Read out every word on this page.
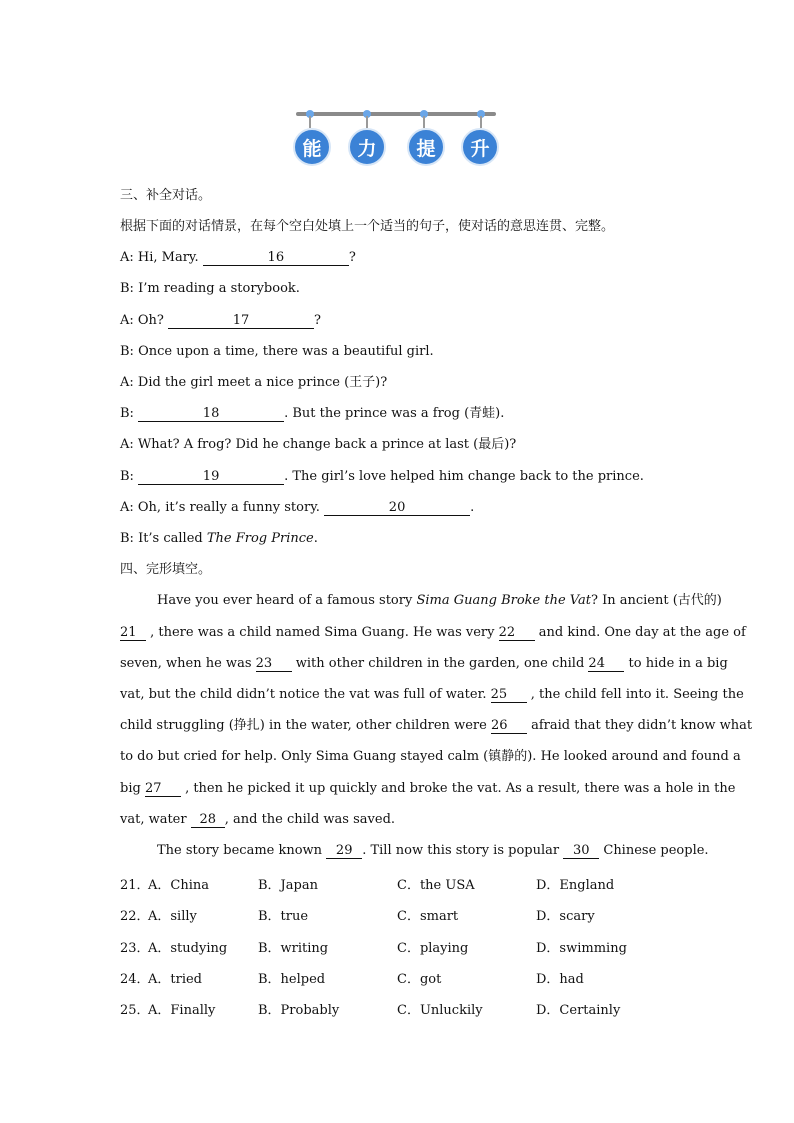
能	力	提	升
三、补全对话。
根据下面的对话情景，在每个空白处填上一个适当的句子，使对话的意思连贯、完整。
A: Hi, Mary.	16	?
B: I’m reading a storybook.
A: Oh?	17	?
B: Once upon a time, there was a beautiful girl.
A: Did the girl meet a nice prince (王子)?
B:	18	. But the prince was a frog (青蛙).
A: What? A frog? Did he change back a prince at last (最后)?
B:	19	. The girl’s love helped him change back to the prince.
A: Oh, it’s really a funny story.	20	.
B: It’s called The Frog Prince.
四、完形填空。
Have you ever heard of a famous story Sima Guang Broke the Vat? In ancient (古代的)
21 , there was a child named Sima Guang. He was very 22 and kind. One day at the age of
seven, when he was 23 with other children in the garden, one child 24 to hide in a big
vat, but the child didn’t notice the vat was full of water. 25 , the child fell into it. Seeing the
child struggling (挣扎) in the water, other children were 26 afraid that they didn’t know what
to do but cried for help. Only Sima Guang stayed calm (镇静的). He looked around and found a
big 27 , then he picked it up quickly and broke the vat. As a result, there was a hole in the
vat, water 28 , and the child was saved.
The story became known 29 . Till now this story is popular 30 Chinese people.
21．
A．China	B．Japan	C．the USA	D．England
22．
A．silly	B．true	C．smart	D．scary
23．
A．studying B．writing	C．playing	D．swimming
24．
A．tried	B．helped	C．got	D．had
25．
A．Finally	B．Probably	C．Unluckily	D．Certainly
